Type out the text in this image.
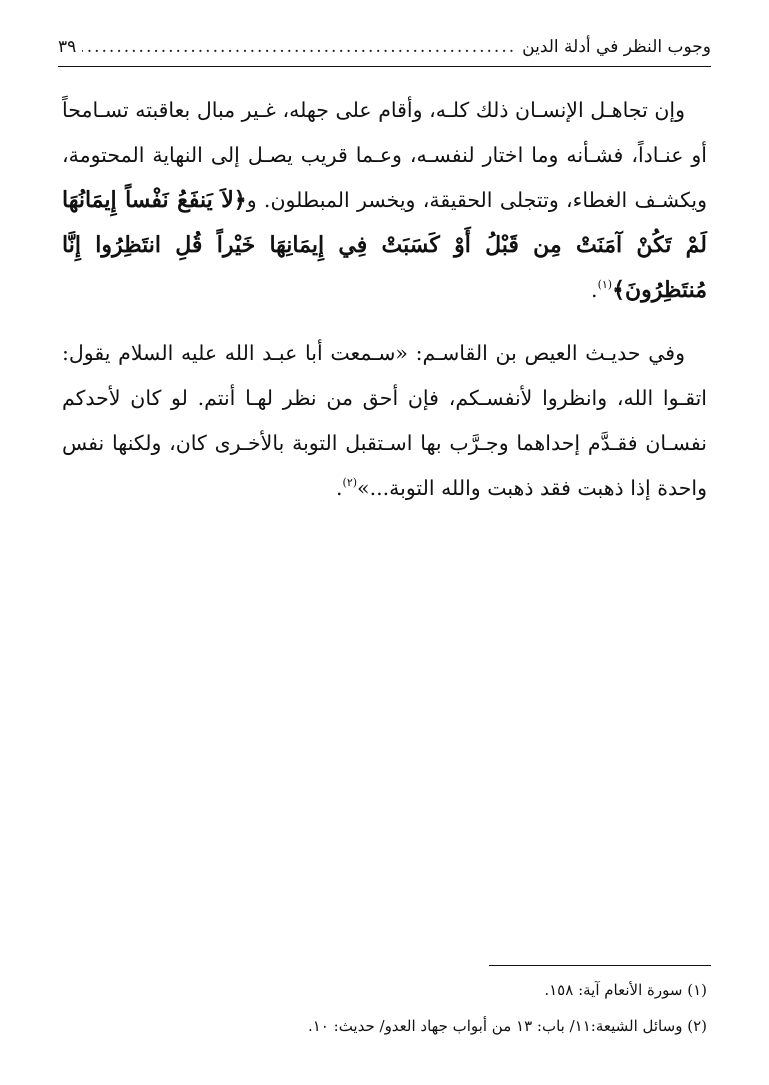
وجوب النظر في أدلة الدين
.....
٣٩

وإن تجاهـل الإنسـان ذلك كلـه، وأقام على جهله، غـير مبال بعاقبته تسـامحاً أو عنـاداً، فشـأنه وما اختار لنفسـه، وعـما قريب يصـل إلى النهاية المحتومة، ويكشـف الغطاء، وتتجلى الحقيقة، ويخسر المبطلون. و﴿لاَ يَنفَعُ نَفْساً إِيمَانُهَا لَمْ تَكُنْ آمَنَتْ مِن قَبْلُ أَوْ كَسَبَتْ فِي إِيمَانِهَا خَيْراً قُلِ انتَظِرُوا إِنَّا مُنتَظِرُونَ﴾$^{(١)}$.

وفي حديـث العيص بن القاسـم: «سـمعت أبا عبـد الله عليه السلام يقول: اتقـوا الله، وانظروا لأنفسـكم، فإن أحق من نظر لهـا أنتم. لو كان لأحدكم نفسـان فقـدَّم إحداهما وجـرَّب بها اسـتقبل التوبة بالأخـرى كان، ولكنها نفس واحدة إذا ذهبت فقد ذهبت والله التوبة...»$^{(٢)}$.

(١) سورة الأنعام آية: ١٥٨.
(٢) وسائل الشيعة:١١/ باب: ١٣ من أبواب جهاد العدو/ حديث: ١٠.
